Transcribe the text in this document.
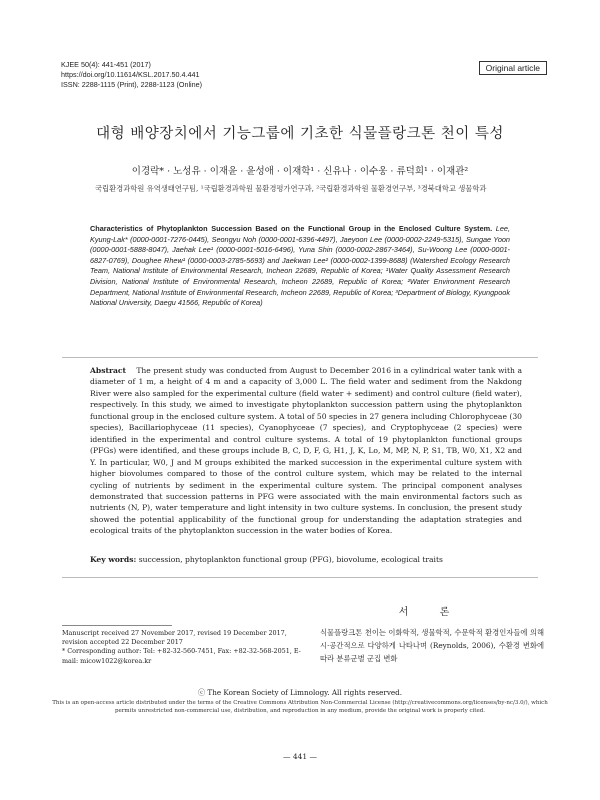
KJEE 50(4): 441-451 (2017)
https://doi.org/10.11614/KSL.2017.50.4.441
ISSN: 2288-1115 (Print), 2288-1123 (Online)
Original article
대형 배양장치에서 기능그룹에 기초한 식물플랑크톤 천이 특성
이경락* · 노성유 · 이재윤 · 윤성애 · 이재학¹ · 신유나 · 이수웅 · 류덕희¹ · 이재관²
국립환경과학원 유역생태연구팀, ¹국립환경과학원 물환경평가연구과, ²국립환경과학원 물환경연구부, ³경북대학교 생물학과
Characteristics of Phytoplankton Succession Based on the Functional Group in the Enclosed Culture System. Lee, Kyung-Lak* (0000-0001-7276-0445), Seongyu Noh (0000-0001-6396-4497), Jaeyoon Lee (0000-0002-2249-5315), Sungae Yoon (0000-0001-5888-8047), Jaehak Lee¹ (0000-0001-5016-6496), Yuna Shin (0000-0002-2867-3464), Su-Woong Lee (0000-0001-6827-0769), Doughee Rhew¹ (0000-0003-2785-5693) and Jaekwan Lee² (0000-0002-1399-8688) (Watershed Ecology Research Team, National Institute of Environmental Research, Incheon 22689, Republic of Korea; ¹Water Quality Assessment Research Division, National Institute of Environmental Research, Incheon 22689, Republic of Korea; ²Water Environment Research Department, National Institute of Environmental Research, Incheon 22689, Republic of Korea; ³Department of Biology, Kyungpook National University, Daegu 41566, Republic of Korea)
Abstract The present study was conducted from August to December 2016 in a cylindrical water tank with a diameter of 1 m, a height of 4 m and a capacity of 3,000 L. The field water and sediment from the Nakdong River were also sampled for the experimental culture (field water + sediment) and control culture (field water), respectively. In this study, we aimed to investigate phytoplankton succession pattern using the phytoplankton functional group in the enclosed culture system. A total of 50 species in 27 genera including Chlorophyceae (30 species), Bacillariophyceae (11 species), Cyanophyceae (7 species), and Cryptophyceae (2 species) were identified in the experimental and control culture systems. A total of 19 phytoplankton functional groups (PFGs) were identified, and these groups include B, C, D, F, G, H1, J, K, Lo, M, MP, N, P, S1, TB, W0, X1, X2 and Y. In particular, W0, J and M groups exhibited the marked succession in the experimental culture system with higher biovolumes compared to those of the control culture system, which may be related to the internal cycling of nutrients by sediment in the experimental culture system. The principal component analyses demonstrated that succession patterns in PFG were associated with the main environmental factors such as nutrients (N, P), water temperature and light intensity in two culture systems. In conclusion, the present study showed the potential applicability of the functional group for understanding the adaptation strategies and ecological traits of the phytoplankton succession in the water bodies of Korea.
Key words: succession, phytoplankton functional group (PFG), biovolume, ecological traits
서 론
Manuscript received 27 November 2017, revised 19 December 2017, revision accepted 22 December 2017
* Corresponding author: Tel: +82-32-560-7451, Fax: +82-32-568-2051, E-mail: micow1022@korea.kr
식물플랑크톤 천이는 이화학적, 생물학적, 수문학적 환경인자들에 의해 시·공간적으로 다양하게 나타나며 (Reynolds, 2006), 수환경 변화에 따라 분류군별 군집 변화
ⓒ The Korean Society of Limnology. All rights reserved.
This is an open-access article distributed under the terms of the Creative Commons Attribution Non-Commercial License (http://creativecommons.org/licenses/by-nc/3.0/), which permits unrestricted non-commercial use, distribution, and reproduction in any medium, provide the original work is properly cited.
— 441 —
